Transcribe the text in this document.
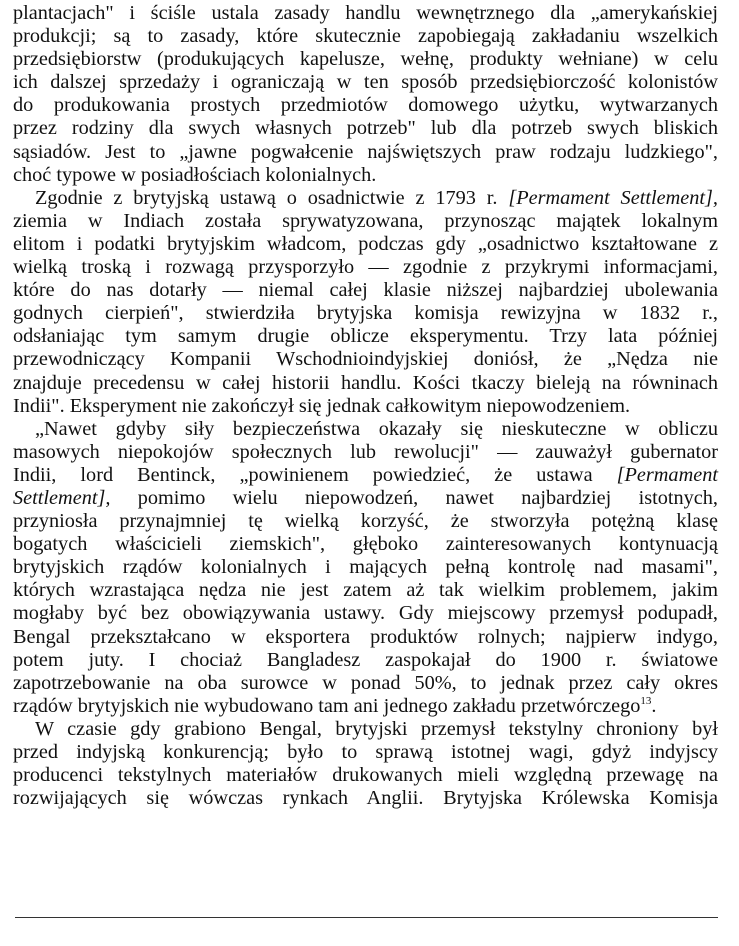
plantacjach" i ściśle ustala zasady handlu wewnętrznego dla „amerykańskiej
produkcji; są to zasady, które skutecznie zapobiegają zakładaniu wszelkich
przedsiębiorstw (produkujących kapelusze, wełnę, produkty wełniane) w celu
ich dalszej sprzedaży i ograniczają w ten sposób przedsiębiorczość kolonistów
do produkowania prostych przedmiotów domowego użytku, wytwarzanych
przez rodziny dla swych własnych potrzeb" lub dla potrzeb swych bliskich
sąsiadów. Jest to „jawne pogwałcenie najświętszych praw rodzaju ludzkiego",
choć typowe w posiadłościach kolonialnych.
Zgodnie z brytyjską ustawą o osadnictwie z 1793 r. [Permament Settlement],
ziemia w Indiach została sprywatyzowana, przynosząc majątek lokalnym
elitom i podatki brytyjskim władcom, podczas gdy „osadnictwo kształtowane z
wielką troską i rozwagą przysporzyło — zgodnie z przykrymi informacjami,
które do nas dotarły — niemal całej klasie niższej najbardziej ubolewania
godnych cierpień", stwierdziła brytyjska komisja rewizyjna w 1832 r.,
odsłaniając tym samym drugie oblicze eksperymentu. Trzy lata później
przewodniczący Kompanii Wschodnioindyjskiej doniósł, że „Nędza nie
znajduje precedensu w całej historii handlu. Kości tkaczy bieleją na równinach
Indii". Eksperyment nie zakończył się jednak całkowitym niepowodzeniem.
„Nawet gdyby siły bezpieczeństwa okazały się nieskuteczne w obliczu
masowych niepokojów społecznych lub rewolucji" — zauważył gubernator
Indii, lord Bentinck, „powinienem powiedzieć, że ustawa [Permament
Settlement], pomimo wielu niepowodzeń, nawet najbardziej istotnych,
przyniosła przynajmniej tę wielką korzyść, że stworzyła potężną klasę
bogatych właścicieli ziemskich", głęboko zainteresowanych kontynuacją
brytyjskich rządów kolonialnych i mających pełną kontrolę nad masami",
których wzrastająca nędza nie jest zatem aż tak wielkim problemem, jakim
mogłaby być bez obowiązywania ustawy. Gdy miejscowy przemysł podupadł,
Bengal przekształcano w eksportera produktów rolnych; najpierw indygo,
potem juty. I chociaż Bangladesz zaspokajał do 1900 r. światowe
zapotrzebowanie na oba surowce w ponad 50%, to jednak przez cały okres
rządów brytyjskich nie wybudowano tam ani jednego zakładu przetwórczego$^{13}$.
W czasie gdy grabiono Bengal, brytyjski przemysł tekstylny chroniony był
przed indyjską konkurencją; było to sprawą istotnej wagi, gdyż indyjscy
producenci tekstylnych materiałów drukowanych mieli względną przewagę na
rozwijających się wówczas rynkach Anglii. Brytyjska Królewska Komisja
